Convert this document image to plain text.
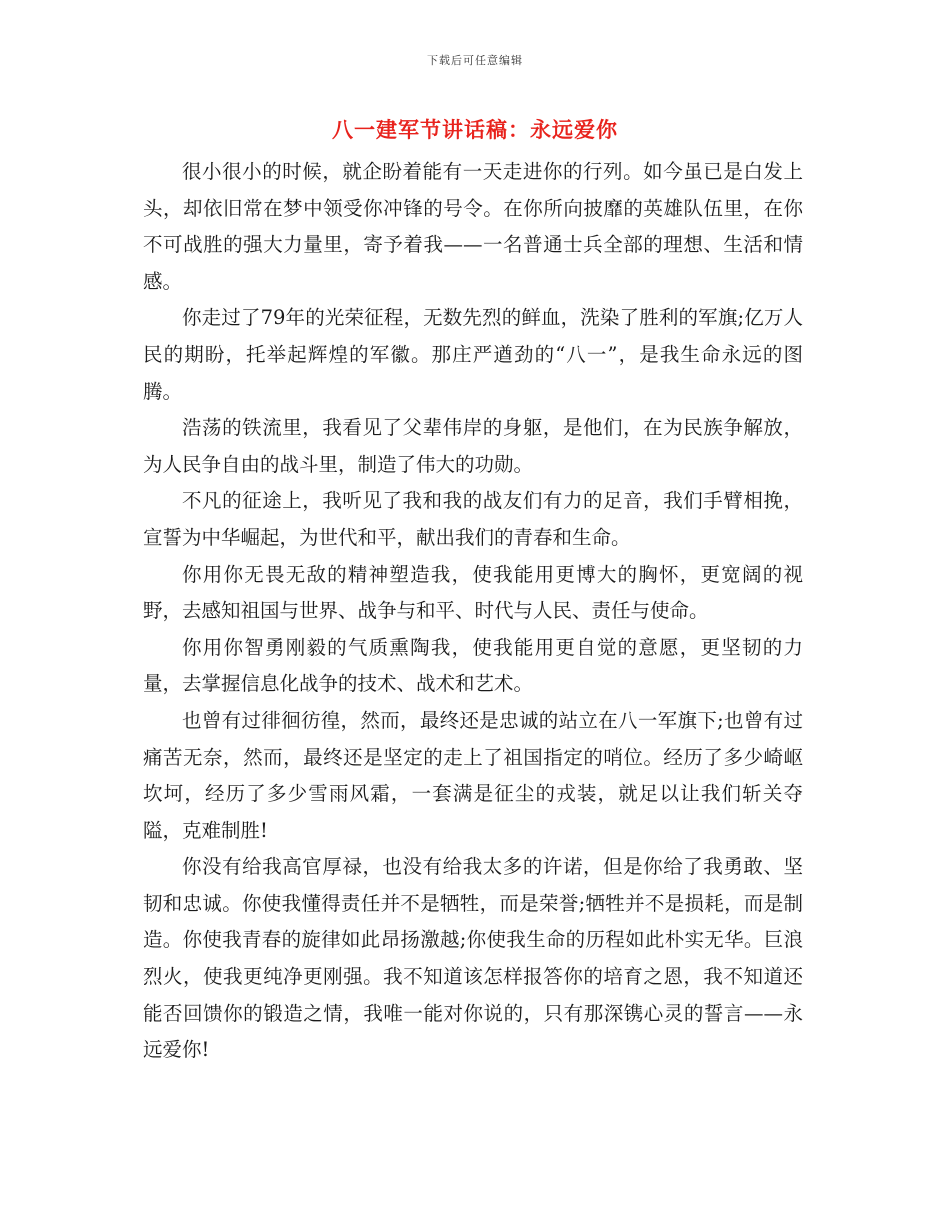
下载后可任意编辑
八一建军节讲话稿：永远爱你

很小很小的时候，就企盼着能有一天走进你的行列。如今虽已是白发上头，却依旧常在梦中领受你冲锋的号令。在你所向披靡的英雄队伍里，在你不可战胜的强大力量里，寄予着我——一名普通士兵全部的理想、生活和情感。

你走过了79年的光荣征程，无数先烈的鲜血，洗染了胜利的军旗;亿万人民的期盼，托举起辉煌的军徽。那庄严遒劲的“八一”，是我生命永远的图腾。

浩荡的铁流里，我看见了父辈伟岸的身躯，是他们，在为民族争解放，为人民争自由的战斗里，制造了伟大的功勋。

不凡的征途上，我听见了我和我的战友们有力的足音，我们手臂相挽，宣誓为中华崛起，为世代和平，献出我们的青春和生命。

你用你无畏无敌的精神塑造我，使我能用更博大的胸怀，更宽阔的视野，去感知祖国与世界、战争与和平、时代与人民、责任与使命。

你用你智勇刚毅的气质熏陶我，使我能用更自觉的意愿，更坚韧的力量，去掌握信息化战争的技术、战术和艺术。

也曾有过徘徊彷徨，然而，最终还是忠诚的站立在八一军旗下;也曾有过痛苦无奈，然而，最终还是坚定的走上了祖国指定的哨位。经历了多少崎岖坎坷，经历了多少雪雨风霜，一套满是征尘的戎装，就足以让我们斩关夺隘，克难制胜!

你没有给我高官厚禄，也没有给我太多的许诺，但是你给了我勇敢、坚韧和忠诚。你使我懂得责任并不是牺牲，而是荣誉;牺牲并不是损耗，而是制造。你使我青春的旋律如此昂扬激越;你使我生命的历程如此朴实无华。巨浪烈火，使我更纯净更刚强。我不知道该怎样报答你的培育之恩，我不知道还能否回馈你的锻造之情，我唯一能对你说的，只有那深镌心灵的誓言——永远爱你!
